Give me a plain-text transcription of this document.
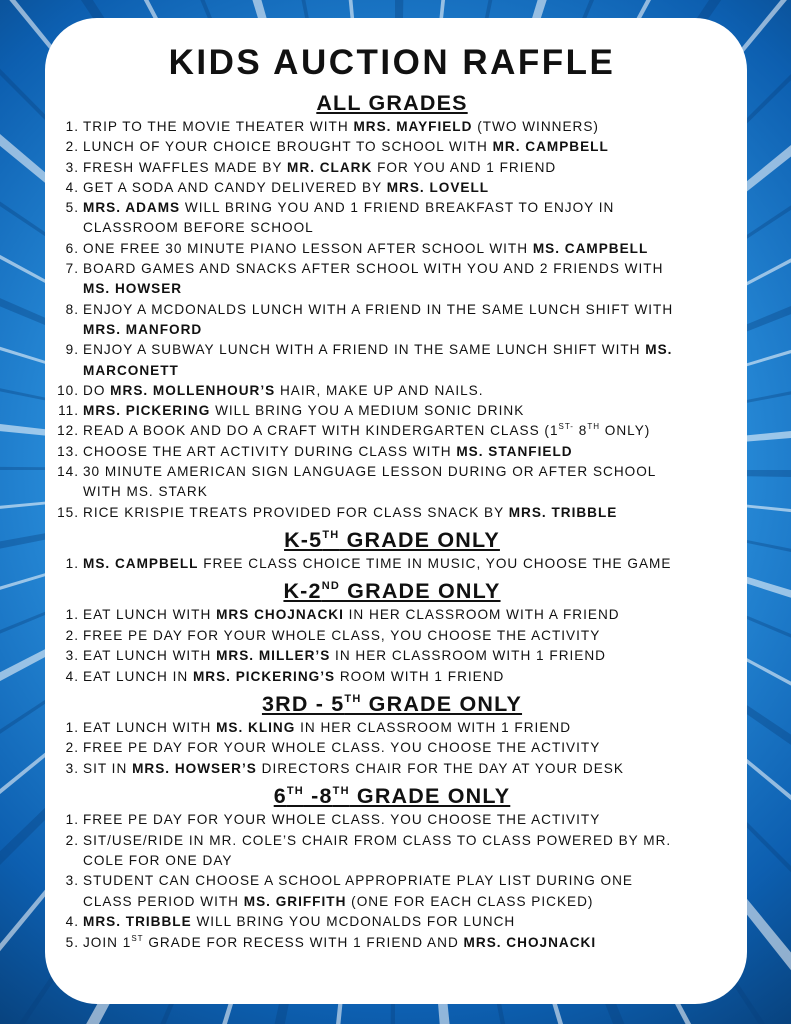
KIDS AUCTION RAFFLE
ALL GRADES
1. TRIP TO THE MOVIE THEATER WITH MRS. MAYFIELD (TWO WINNERS)
2. LUNCH OF YOUR CHOICE BROUGHT TO SCHOOL WITH MR. CAMPBELL
3. FRESH WAFFLES MADE BY MR. CLARK FOR YOU AND 1 FRIEND
4. GET A SODA AND CANDY DELIVERED BY MRS. LOVELL
5. MRS. ADAMS WILL BRING YOU AND 1 FRIEND BREAKFAST TO ENJOY IN
CLASSROOM BEFORE SCHOOL
6. ONE FREE 30 MINUTE PIANO LESSON AFTER SCHOOL WITH MS. CAMPBELL
7. BOARD GAMES AND SNACKS AFTER SCHOOL WITH YOU AND 2 FRIENDS WITH
MS. HOWSER
8. ENJOY A MCDONALDS LUNCH WITH A FRIEND IN THE SAME LUNCH SHIFT WITH
MRS. MANFORD
9. ENJOY A SUBWAY LUNCH WITH A FRIEND IN THE SAME LUNCH SHIFT WITH MS.
MARCONETT
10. DO MRS. MOLLENHOUR’S HAIR, MAKE UP AND NAILS.
11. MRS. PICKERING WILL BRING YOU A MEDIUM SONIC DRINK
12. READ A BOOK AND DO A CRAFT WITH KINDERGARTEN CLASS ($1^{ST-}$ 8TH ONLY)
13. CHOOSE THE ART ACTIVITY DURING CLASS WITH MS. STANFIELD
14. 30 MINUTE AMERICAN SIGN LANGUAGE LESSON DURING OR AFTER SCHOOL
WITH MS. STARK
15. RICE KRISPIE TREATS PROVIDED FOR CLASS SNACK BY MRS. TRIBBLE
K-5TH GRADE ONLY
1. MS. CAMPBELL FREE CLASS CHOICE TIME IN MUSIC, YOU CHOOSE THE GAME
K-2ND GRADE ONLY
1. EAT LUNCH WITH MRS CHOJNACKI IN HER CLASSROOM WITH A FRIEND
2. FREE PE DAY FOR YOUR WHOLE CLASS, YOU CHOOSE THE ACTIVITY
3. EAT LUNCH WITH MRS. MILLER’S IN HER CLASSROOM WITH 1 FRIEND
4. EAT LUNCH IN MRS. PICKERING’S ROOM WITH 1 FRIEND
3RD - 5TH GRADE ONLY
1. EAT LUNCH WITH MS. KLING IN HER CLASSROOM WITH 1 FRIEND
2. FREE PE DAY FOR YOUR WHOLE CLASS. YOU CHOOSE THE ACTIVITY
3. SIT IN MRS. HOWSER’S DIRECTORS CHAIR FOR THE DAY AT YOUR DESK
6TH -8TH GRADE ONLY
1. FREE PE DAY FOR YOUR WHOLE CLASS. YOU CHOOSE THE ACTIVITY
2. SIT/USE/RIDE IN MR. COLE’S CHAIR FROM CLASS TO CLASS POWERED BY MR.
COLE FOR ONE DAY
3. STUDENT CAN CHOOSE A SCHOOL APPROPRIATE PLAY LIST DURING ONE
CLASS PERIOD WITH MS. GRIFFITH (ONE FOR EACH CLASS PICKED)
4. MRS. TRIBBLE WILL BRING YOU MCDONALDS FOR LUNCH
5. JOIN 1ST GRADE FOR RECESS WITH 1 FRIEND AND MRS. CHOJNACKI
